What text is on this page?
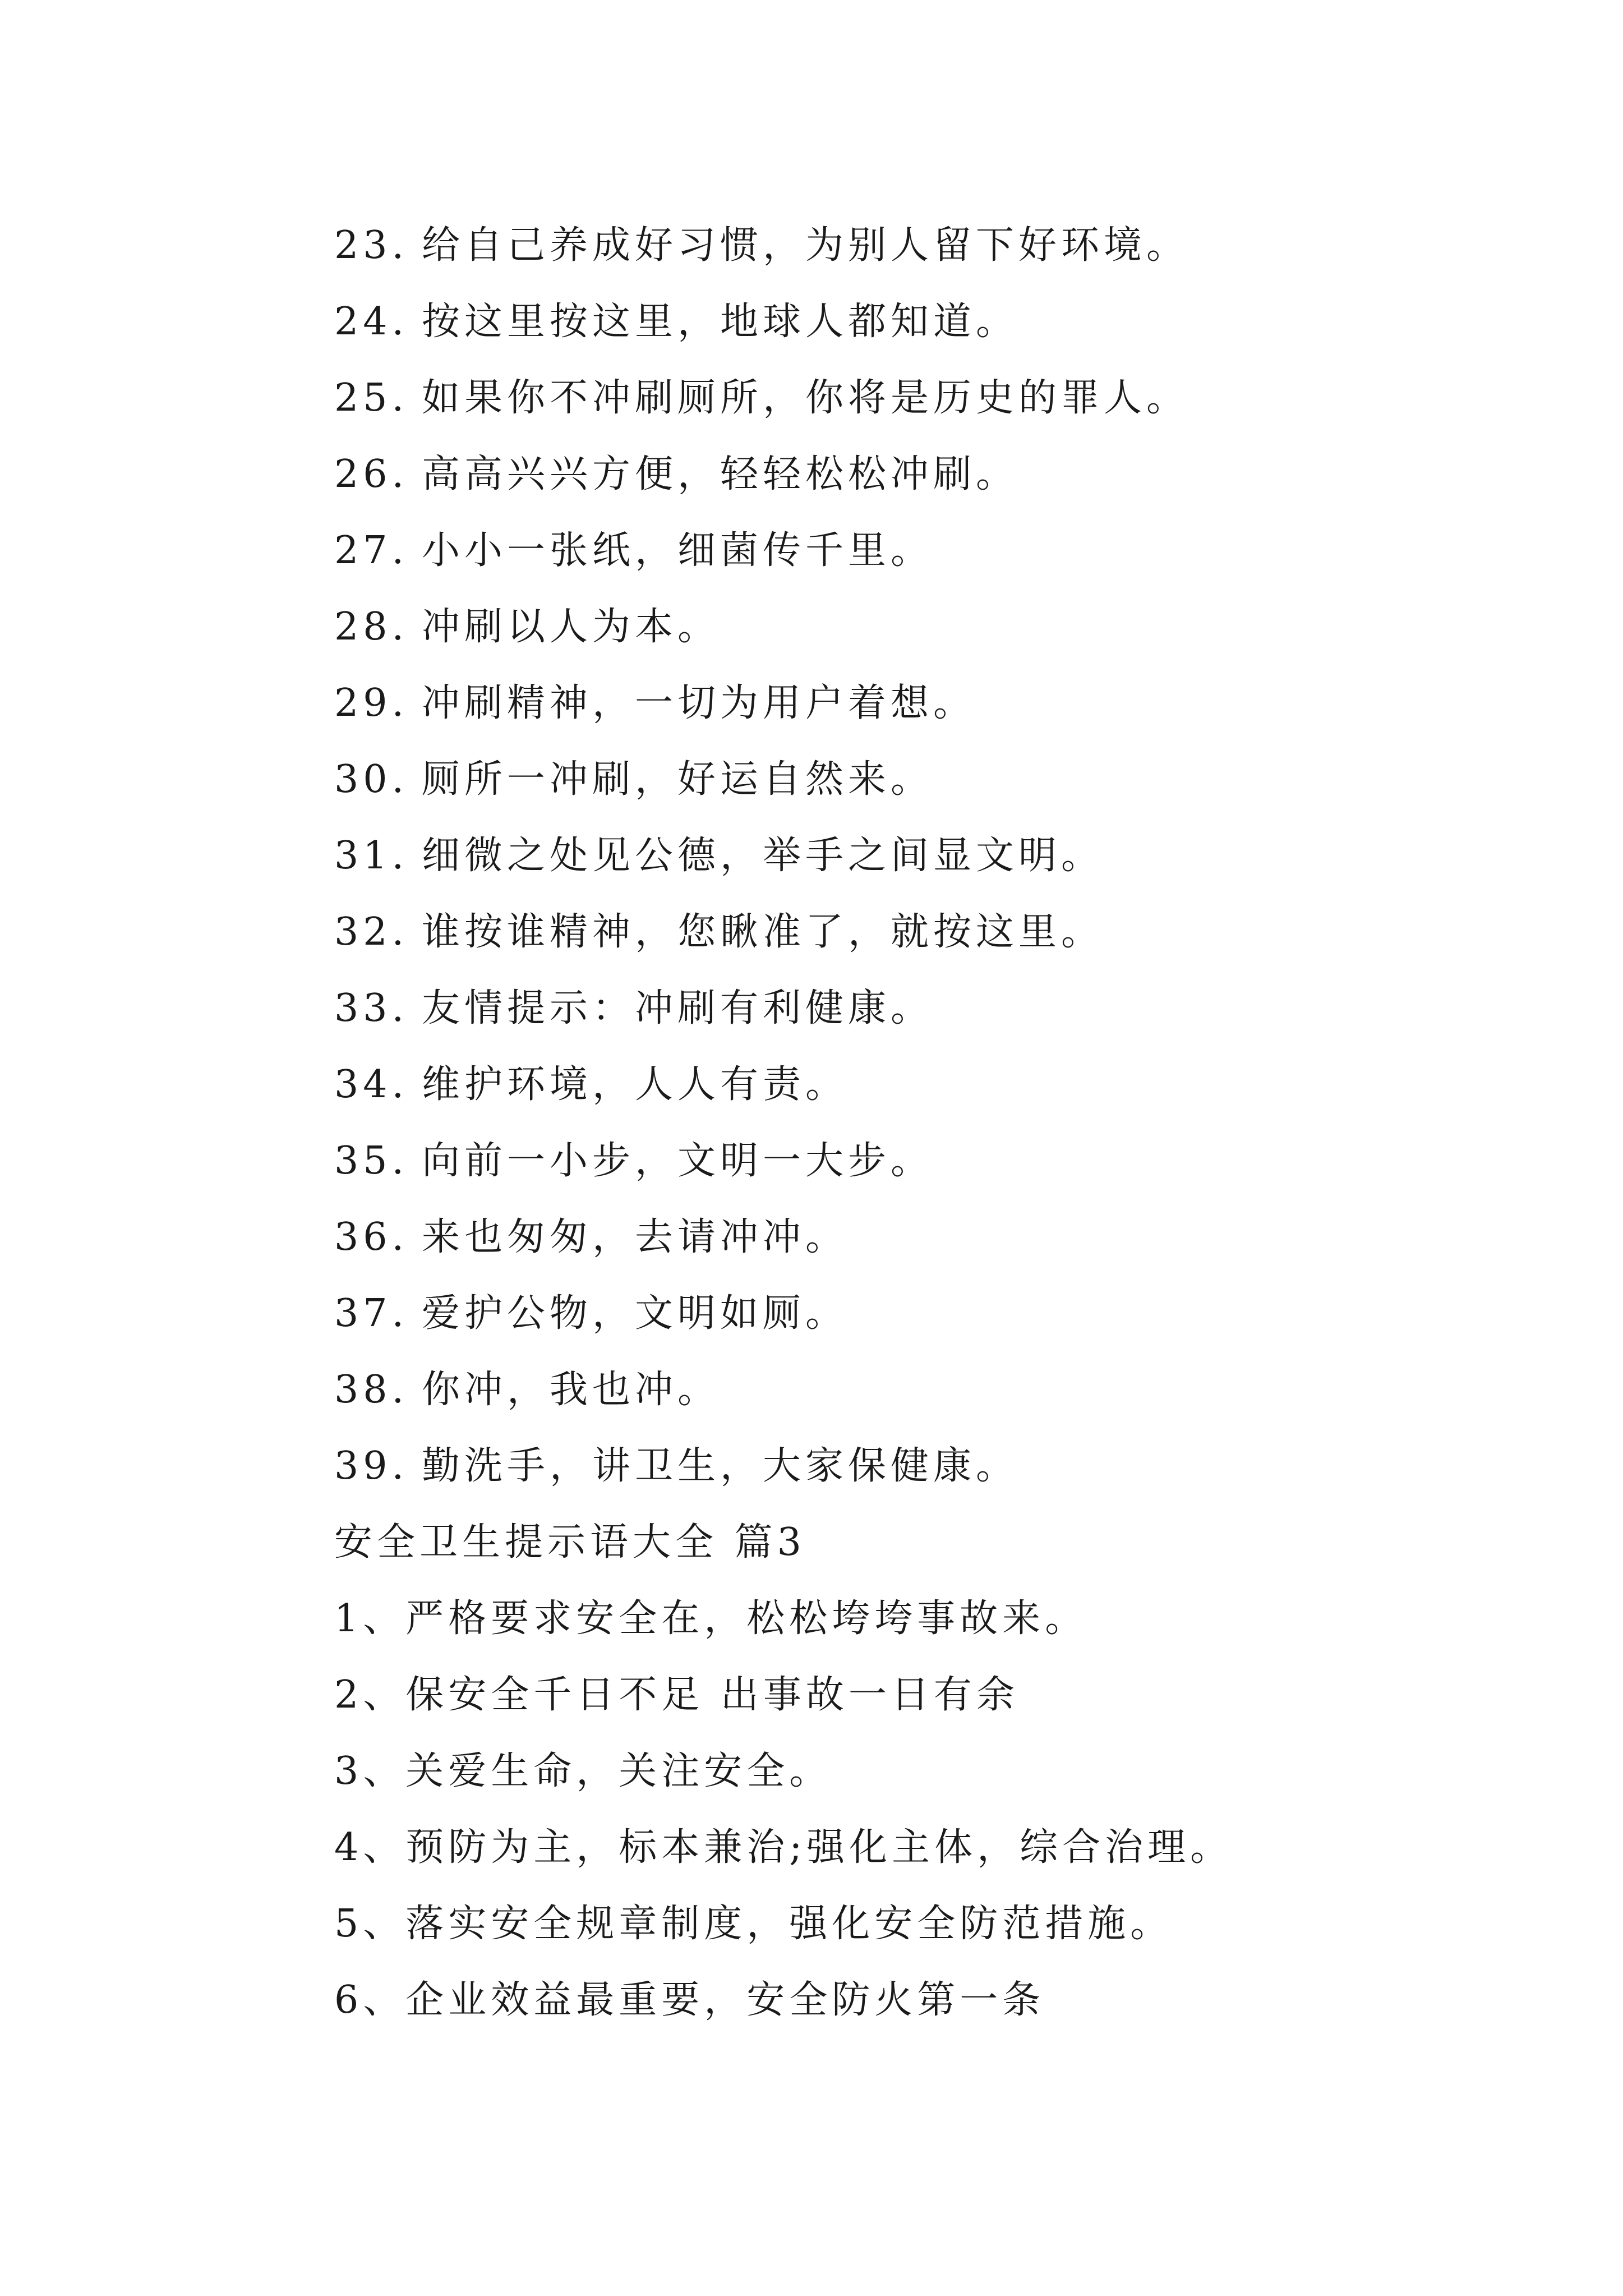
23. 给自己养成好习惯，为别人留下好环境。
24. 按这里按这里，地球人都知道。
25. 如果你不冲刷厕所，你将是历史的罪人。
26. 高高兴兴方便，轻轻松松冲刷。
27. 小小一张纸，细菌传千里。
28. 冲刷以人为本。
29. 冲刷精神，一切为用户着想。
30. 厕所一冲刷，好运自然来。
31. 细微之处见公德，举手之间显文明。
32. 谁按谁精神，您瞅准了，就按这里。
33. 友情提示：冲刷有利健康。
34. 维护环境，人人有责。
35. 向前一小步，文明一大步。
36. 来也匆匆，去请冲冲。
37. 爱护公物，文明如厕。
38. 你冲，我也冲。
39. 勤洗手，讲卫生，大家保健康。
安全卫生提示语大全 篇3
1、严格要求安全在，松松垮垮事故来。
2、保安全千日不足 出事故一日有余
3、关爱生命，关注安全。
4、预防为主，标本兼治;强化主体，综合治理。
5、落实安全规章制度，强化安全防范措施。
6、企业效益最重要，安全防火第一条
